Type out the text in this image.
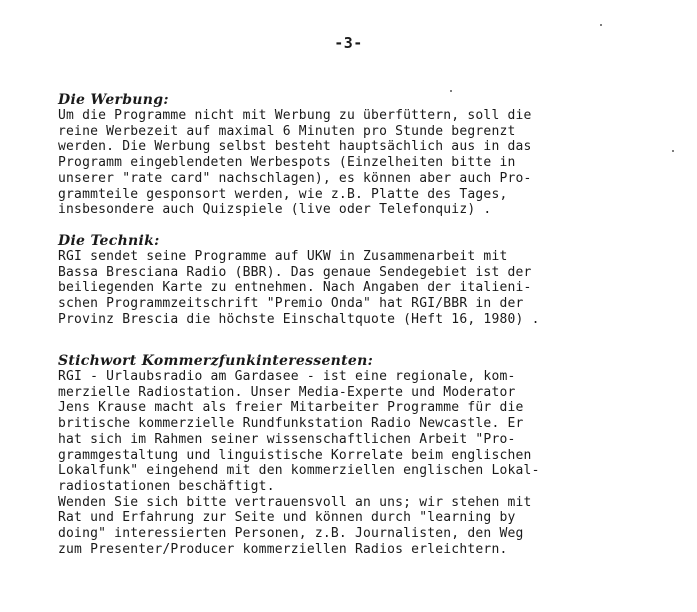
-3-
Die Werbung:
Um die Programme nicht mit Werbung zu überfüttern, soll die
reine Werbezeit auf maximal 6 Minuten pro Stunde begrenzt
werden. Die Werbung selbst besteht hauptsächlich aus in das
Programm eingeblendeten Werbespots (Einzelheiten bitte in
unserer "rate card" nachschlagen), es können aber auch Pro-
grammteile gesponsort werden, wie z.B. Platte des Tages,
insbesondere auch Quizspiele (live oder Telefonquiz) .
Die Technik:
RGI sendet seine Programme auf UKW in Zusammenarbeit mit
Bassa Bresciana Radio (BBR). Das genaue Sendegebiet ist der
beiliegenden Karte zu entnehmen. Nach Angaben der italieni-
schen Programmzeitschrift "Premio Onda" hat RGI/BBR in der
Provinz Brescia die höchste Einschaltquote (Heft 16, 1980) .
Stichwort Kommerzfunkinteressenten:
RGI - Urlaubsradio am Gardasee - ist eine regionale, kom-
merzielle Radiostation. Unser Media-Experte und Moderator
Jens Krause macht als freier Mitarbeiter Programme für die
britische kommerzielle Rundfunkstation Radio Newcastle. Er
hat sich im Rahmen seiner wissenschaftlichen Arbeit "Pro-
grammgestaltung und linguistische Korrelate beim englischen
Lokalfunk" eingehend mit den kommerziellen englischen Lokal-
radiostationen beschäftigt.
Wenden Sie sich bitte vertrauensvoll an uns; wir stehen mit
Rat und Erfahrung zur Seite und können durch "learning by
doing" interessierten Personen, z.B. Journalisten, den Weg
zum Presenter/Producer kommerziellen Radios erleichtern.
